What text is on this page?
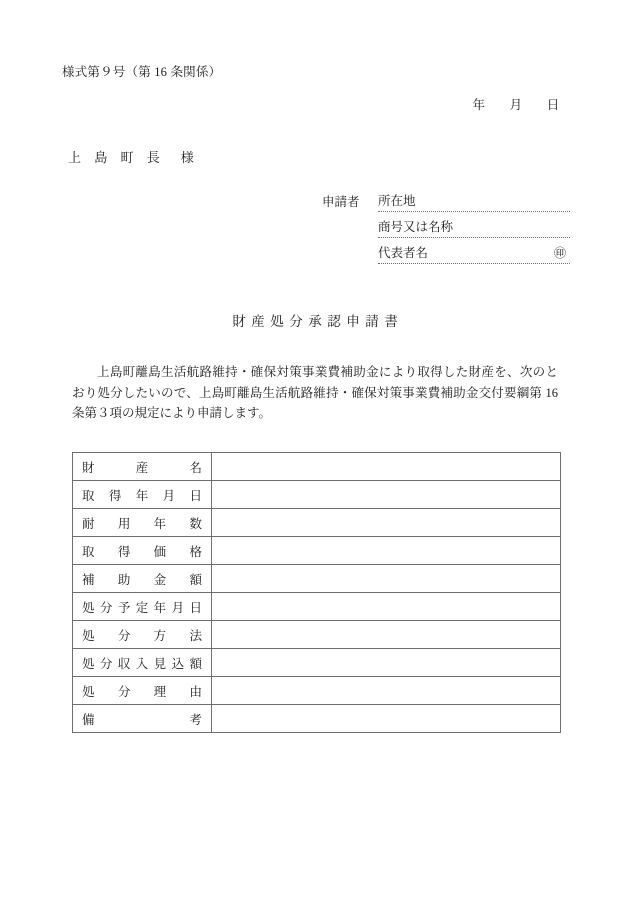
様式第９号（第 16 条関係）
年 月 日
上 島 町 長 様
申請者	所在地
商号又は名称
代表者名	㊞
財産処分承認申請書
上島町離島生活航路維持・確保対策事業費補助金により取得した財産を、次のとおり処分したいので、上島町離島生活航路維持・確保対策事業費補助金交付要綱第 16 条第３項の規定により申請します。
財産名	

取得年月日	

耐用年数	

取得価格	

補助金額	

処分予定年月日	

処分方法	

処分収入見込額	

処分理由	

備考	
